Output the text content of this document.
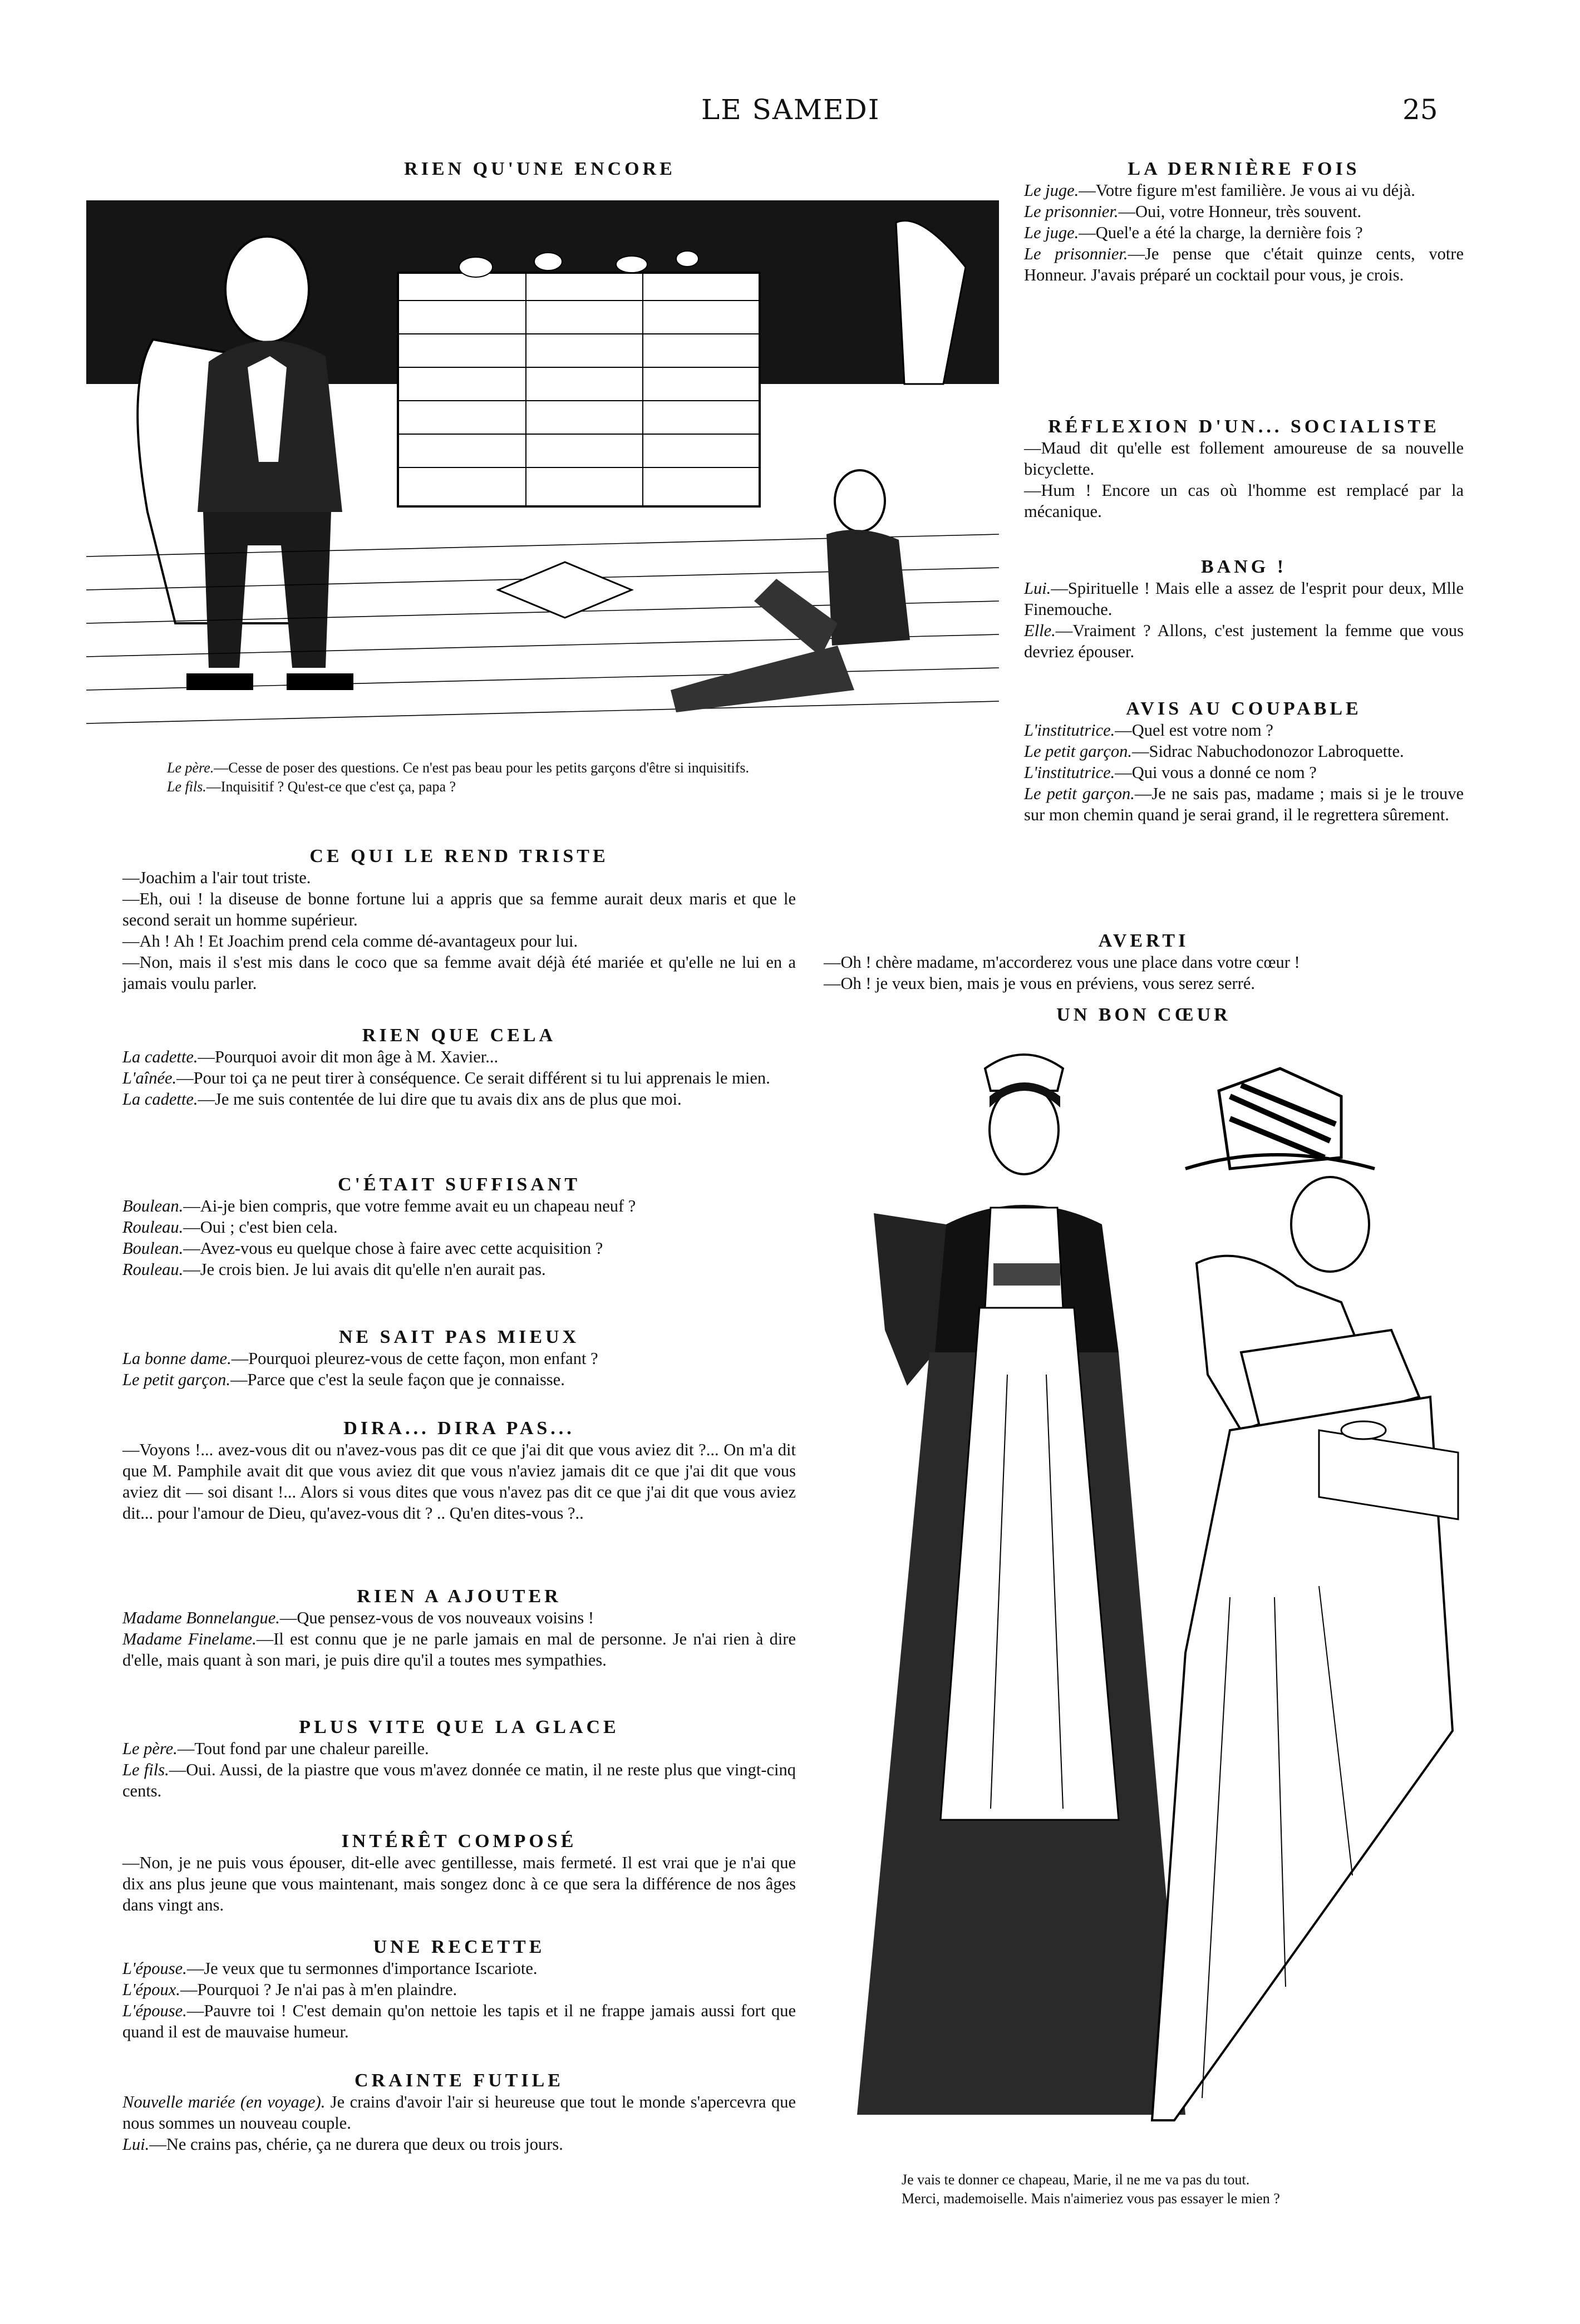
LE SAMEDI	25
RIEN QU'UNE ENCORE

Le père.—Cesse de poser des questions. Ce n'est pas beau pour les petits garçons d'être si inquisitifs.

Le fils.—Inquisitif ? Qu'est-ce que c'est ça, papa ?

CE QUI LE REND TRISTE

—Joachim a l'air tout triste.

—Eh, oui ! la diseuse de bonne fortune lui a appris que sa femme aurait deux maris et que le second serait un homme supérieur.

—Ah ! Ah ! Et Joachim prend cela comme dé-avantageux pour lui.

—Non, mais il s'est mis dans le coco que sa femme avait déjà été mariée et qu'elle ne lui en a jamais voulu parler.

RIEN QUE CELA

La cadette.—Pourquoi avoir dit mon âge à M. Xavier...

L'aînée.—Pour toi ça ne peut tirer à conséquence. Ce serait différent si tu lui apprenais le mien.

La cadette.—Je me suis contentée de lui dire que tu avais dix ans de plus que moi.

C'ÉTAIT SUFFISANT

Boulean.—Ai-je bien compris, que votre femme avait eu un chapeau neuf ?

Rouleau.—Oui ; c'est bien cela.

Boulean.—Avez-vous eu quelque chose à faire avec cette acquisition ?

Rouleau.—Je crois bien. Je lui avais dit qu'elle n'en aurait pas.

NE SAIT PAS MIEUX

La bonne dame.—Pourquoi pleurez-vous de cette façon, mon enfant ?

Le petit garçon.—Parce que c'est la seule façon que je connaisse.

DIRA... DIRA PAS...

—Voyons !... avez-vous dit ou n'avez-vous pas dit ce que j'ai dit que vous aviez dit ?... On m'a dit que M. Pamphile avait dit que vous aviez dit que vous n'aviez jamais dit ce que j'ai dit que vous aviez dit — soi disant !... Alors si vous dites que vous n'avez pas dit ce que j'ai dit que vous aviez dit... pour l'amour de Dieu, qu'avez-vous dit ? .. Qu'en dites-vous ?..

RIEN A AJOUTER

Madame Bonnelangue.—Que pensez-vous de vos nouveaux voisins !

Madame Finelame.—Il est connu que je ne parle jamais en mal de personne. Je n'ai rien à dire d'elle, mais quant à son mari, je puis dire qu'il a toutes mes sympathies.

PLUS VITE QUE LA GLACE

Le père.—Tout fond par une chaleur pareille.

Le fils.—Oui. Aussi, de la piastre que vous m'avez donnée ce matin, il ne reste plus que vingt-cinq cents.

INTÉRÊT COMPOSÉ

—Non, je ne puis vous épouser, dit-elle avec gentillesse, mais fermeté. Il est vrai que je n'ai que dix ans plus jeune que vous maintenant, mais songez donc à ce que sera la différence de nos âges dans vingt ans.

UNE RECETTE

L'épouse.—Je veux que tu sermonnes d'importance Iscariote.

L'époux.—Pourquoi ? Je n'ai pas à m'en plaindre.

L'épouse.—Pauvre toi ! C'est demain qu'on nettoie les tapis et il ne frappe jamais aussi fort que quand il est de mauvaise humeur.

CRAINTE FUTILE

Nouvelle mariée (en voyage). Je crains d'avoir l'air si heureuse que tout le monde s'apercevra que nous sommes un nouveau couple.

Lui.—Ne crains pas, chérie, ça ne durera que deux ou trois jours.

LA DERNIÈRE FOIS

Le juge.—Votre figure m'est familière. Je vous ai vu déjà.

Le prisonnier.—Oui, votre Honneur, très souvent.

Le juge.—Quel'e a été la charge, la dernière fois ?

Le prisonnier.—Je pense que c'était quinze cents, votre Honneur. J'avais préparé un cocktail pour vous, je crois.

RÉFLEXION D'UN... SOCIALISTE

—Maud dit qu'elle est follement amoureuse de sa nouvelle bicyclette.

—Hum ! Encore un cas où l'homme est remplacé par la mécanique.

BANG !

Lui.—Spirituelle ! Mais elle a assez de l'esprit pour deux, Mlle Finemouche.

Elle.—Vraiment ? Allons, c'est justement la femme que vous devriez épouser.

AVIS AU COUPABLE

L'institutrice.—Quel est votre nom ?

Le petit garçon.—Sidrac Nabuchodonozor Labroquette.

L'institutrice.—Qui vous a donné ce nom ?

Le petit garçon.—Je ne sais pas, madame ; mais si je le trouve sur mon chemin quand je serai grand, il le regrettera sûrement.

AVERTI

—Oh ! chère madame, m'accorderez vous une place dans votre cœur !

—Oh ! je veux bien, mais je vous en préviens, vous serez serré.

UN BON CŒUR

Je vais te donner ce chapeau, Marie, il ne me va pas du tout.

Merci, mademoiselle. Mais n'aimeriez vous pas essayer le mien ?
